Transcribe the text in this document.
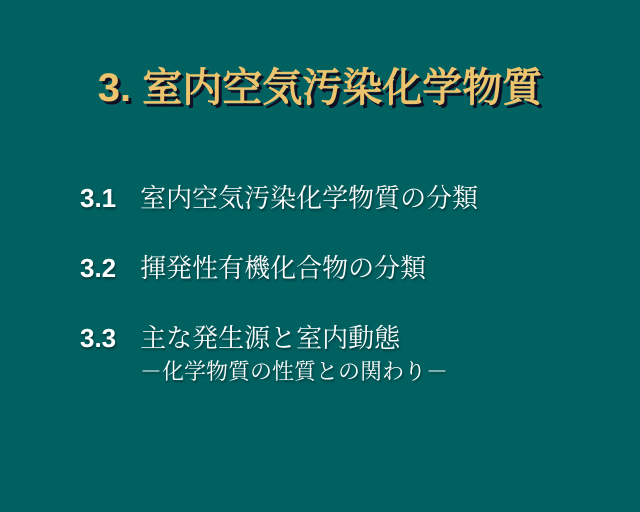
3. 室内空気汚染化学物質
3.1 室内空気汚染化学物質の分類
3.2 揮発性有機化合物の分類
3.3 主な発生源と室内動態
－化学物質の性質との関わり－
